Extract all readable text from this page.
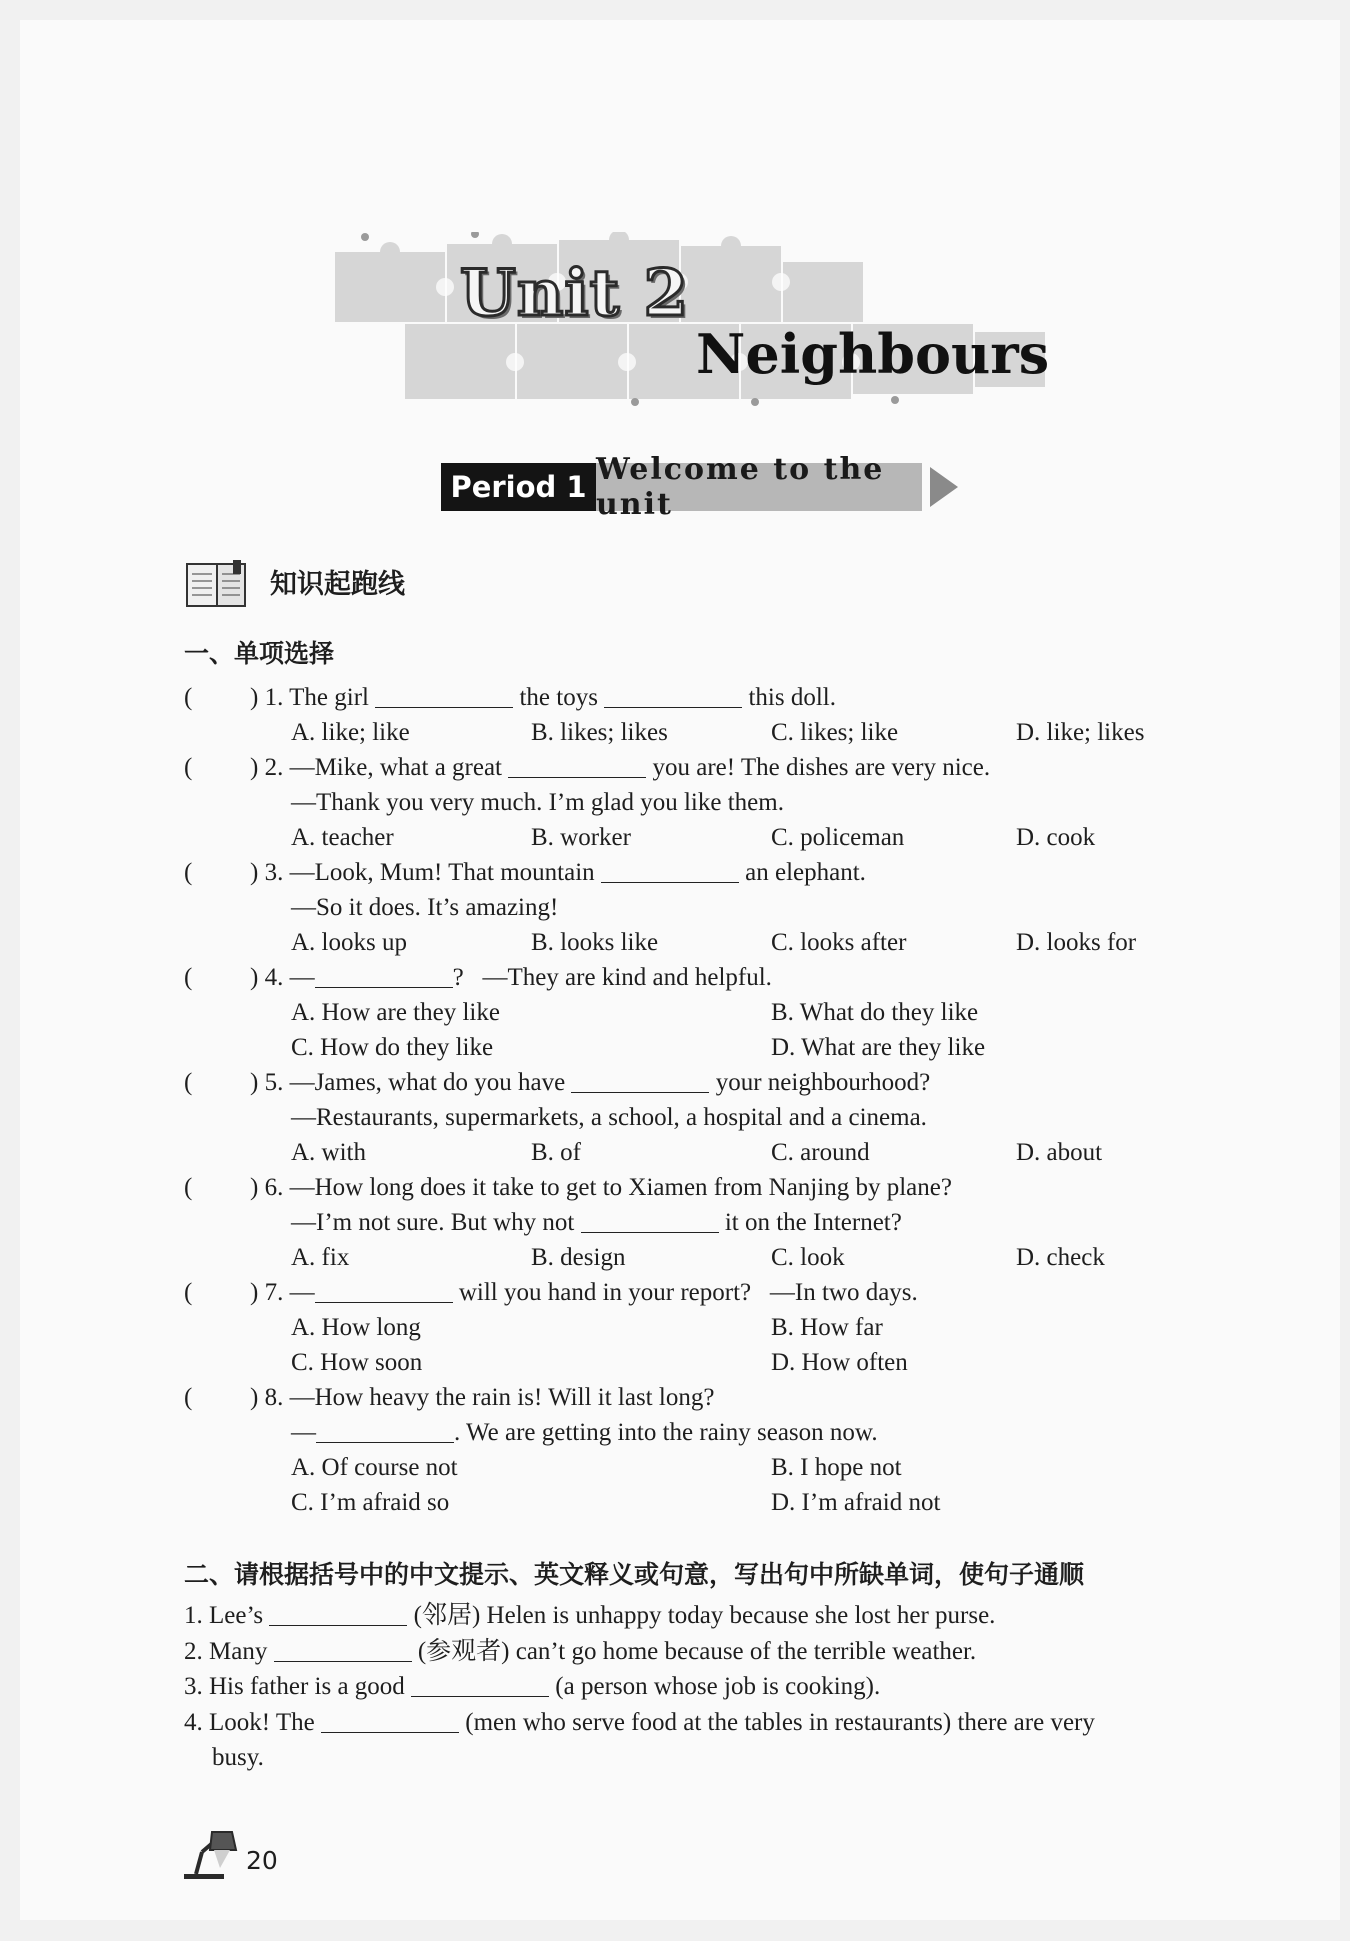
Unit 2
Neighbours
Period 1 Welcome to the unit
知识起跑线
一、单项选择
( ) 1. The girl	the toys	this doll.
A. like; like	B. likes; likes	C. likes; like	D. like; likes
( ) 2. —Mike, what a great	you are! The dishes are very nice.
—Thank you very much. I’m glad you like them.
A. teacher	B. worker	C. policeman	D. cook
( ) 3. —Look, Mum! That mountain	an elephant.
—So it does. It’s amazing!
A. looks up	B. looks like	C. looks after	D. looks for
( ) 4. —	? —They are kind and helpful.
A. How are they like	B. What do they like
C. How do they like	D. What are they like
( ) 5. —James, what do you have	your neighbourhood?
—Restaurants, supermarkets, a school, a hospital and a cinema.
A. with	B. of	C. around	D. about
( ) 6. —How long does it take to get to Xiamen from Nanjing by plane?
—I’m not sure. But why not	it on the Internet?
A. fix	B. design	C. look	D. check
( ) 7. —	will you hand in your report? —In two days.
A. How long	B. How far
C. How soon	D. How often
( ) 8. —How heavy the rain is! Will it last long?
—	. We are getting into the rainy season now.
A. Of course not	B. I hope not
C. I’m afraid so	D. I’m afraid not
二、请根据括号中的中文提示、英文释义或句意，写出句中所缺单词，使句子通顺
1. Lee’s	(邻居) Helen is unhappy today because she lost her purse.
2. Many	(参观者) can’t go home because of the terrible weather.
3. His father is a good	(a person whose job is cooking).
4. Look! The	(men who serve food at the tables in restaurants) there are very
busy.

20
